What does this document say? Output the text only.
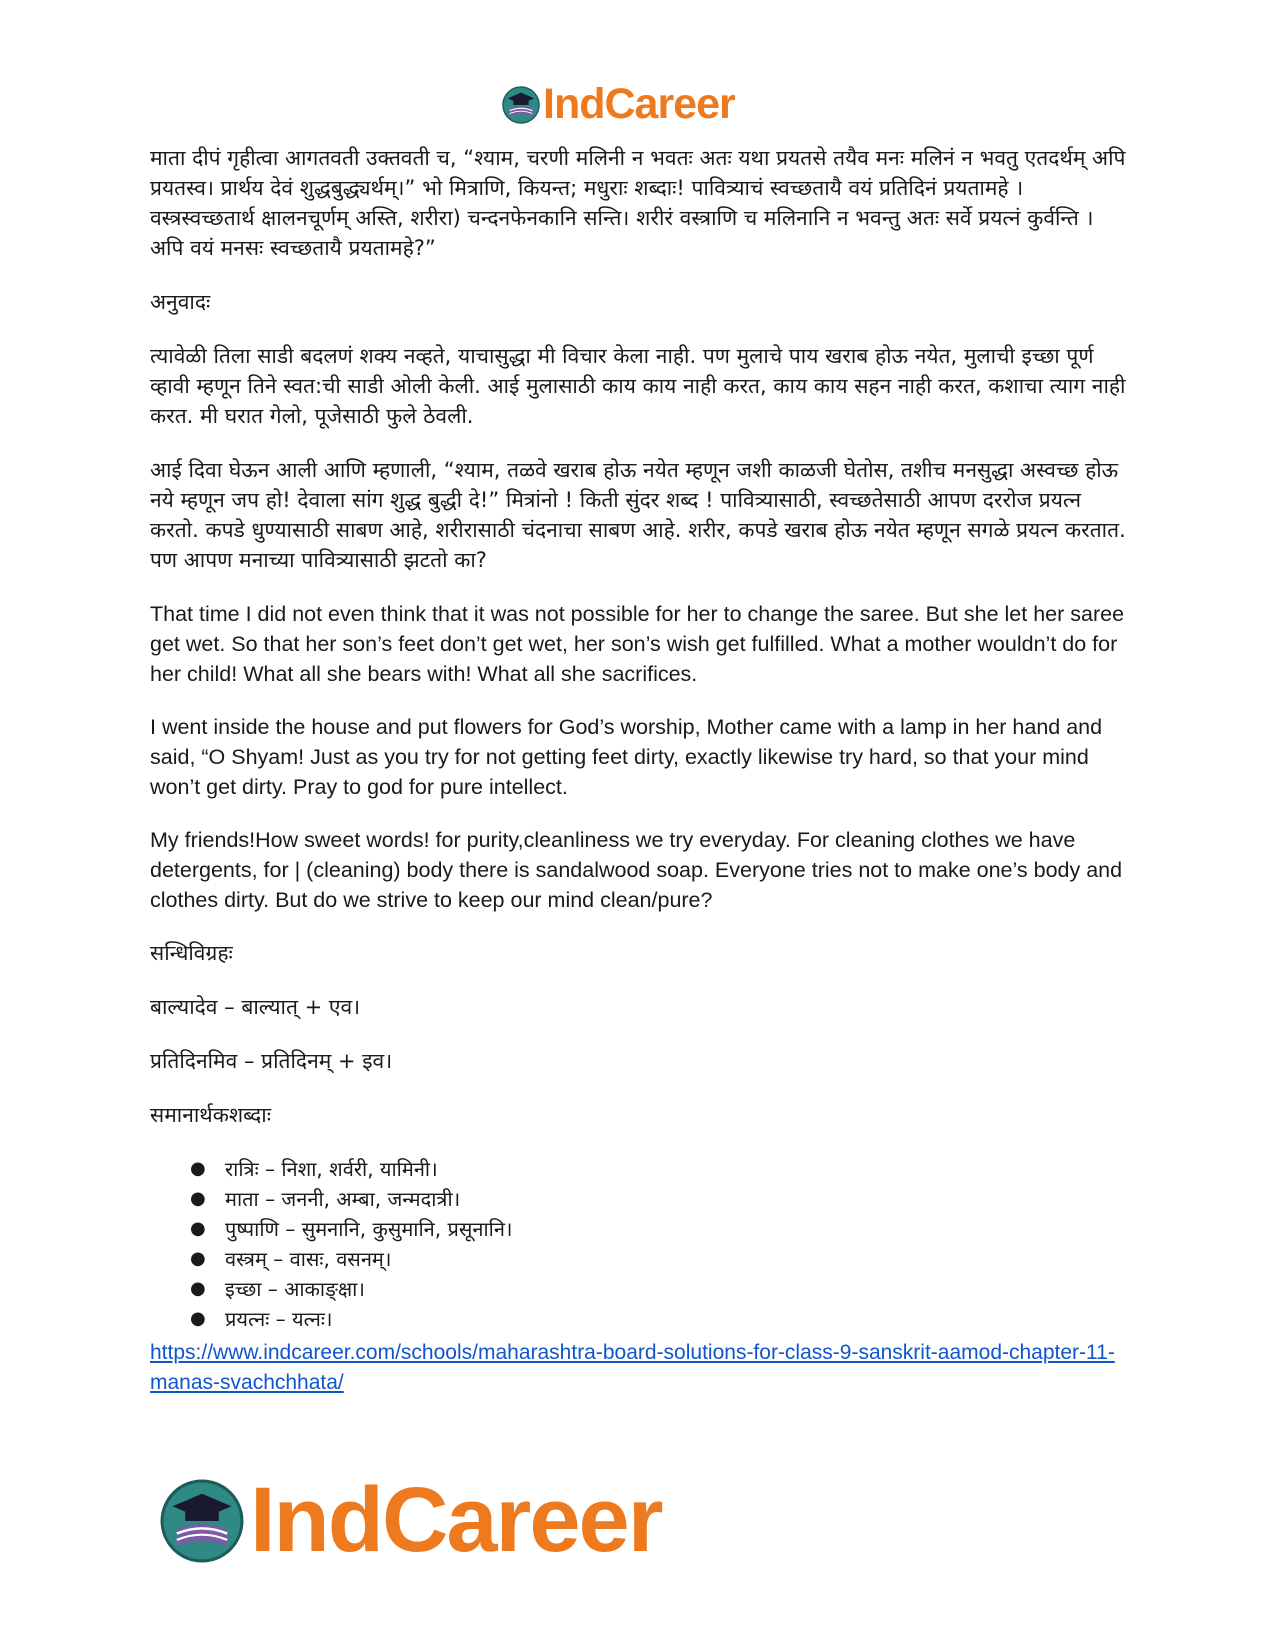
IndCareer

माता दीपं गृहीत्वा आगतवती उक्तवती च, “श्याम, चरणी मलिनी न भवतः अतः यथा प्रयतसे तयैव मनः मलिनं न भवतु एतदर्थम् अपि प्रयतस्व। प्रार्थय देवं शुद्धबुद्ध्यर्थम्।” भो मित्राणि, कियन्त; मधुराः शब्दाः! पावित्र्याचं स्वच्छतायै वयं प्रतिदिनं प्रयतामहे । वस्त्रस्वच्छतार्थ क्षालनचूर्णम् अस्ति, शरीरा) चन्दनफेनकानि सन्ति। शरीरं वस्त्राणि च मलिनानि न भवन्तु अतः सर्वे प्रयत्नं कुर्वन्ति । अपि वयं मनसः स्वच्छतायै प्रयतामहे?”

अनुवादः

त्यावेळी तिला साडी बदलणं शक्य नव्हते, याचासुद्धा मी विचार केला नाही. पण मुलाचे पाय खराब होऊ नयेत, मुलाची इच्छा पूर्ण व्हावी म्हणून तिने स्वत:ची साडी ओली केली. आई मुलासाठी काय काय नाही करत, काय काय सहन नाही करत, कशाचा त्याग नाही करत. मी घरात गेलो, पूजेसाठी फुले ठेवली.

आई दिवा घेऊन आली आणि म्हणाली, “श्याम, तळवे खराब होऊ नयेत म्हणून जशी काळजी घेतोस, तशीच मनसुद्धा अस्वच्छ होऊ नये म्हणून जप हो! देवाला सांग शुद्ध बुद्धी दे!” मित्रांनो ! किती सुंदर शब्द ! पावित्र्यासाठी, स्वच्छतेसाठी आपण दररोज प्रयत्न करतो. कपडे धुण्यासाठी साबण आहे, शरीरासाठी चंदनाचा साबण आहे. शरीर, कपडे खराब होऊ नयेत म्हणून सगळे प्रयत्न करतात. पण आपण मनाच्या पावित्र्यासाठी झटतो का?

That time I did not even think that it was not possible for her to change the saree. But she let her saree get wet. So that her son’s feet don’t get wet, her son’s wish get fulfilled. What a mother wouldn’t do for her child! What all she bears with! What all she sacrifices.

I went inside the house and put flowers for God’s worship, Mother came with a lamp in her hand and said, “O Shyam! Just as you try for not getting feet dirty, exactly likewise try hard, so that your mind won’t get dirty. Pray to god for pure intellect.

My friends!How sweet words! for purity,cleanliness we try everyday. For cleaning clothes we have detergents, for | (cleaning) body there is sandalwood soap. Everyone tries not to make one’s body and clothes dirty. But do we strive to keep our mind clean/pure?

सन्धिविग्रहः

बाल्यादेव – बाल्यात् + एव।

प्रतिदिनमिव – प्रतिदिनम् + इव।

समानार्थकशब्दाः

● रात्रिः – निशा, शर्वरी, यामिनी।
● माता – जननी, अम्बा, जन्मदात्री।
● पुष्पाणि – सुमनानि, कुसुमानि, प्रसूनानि।
● वस्त्रम् – वासः, वसनम्।
● इच्छा – आकाङ्क्षा।
● प्रयत्नः – यत्नः।
https://www.indcareer.com/schools/maharashtra-board-solutions-for-class-9-sanskrit-aamod-chapter-11-manas-svachchhata/
IndCareer
